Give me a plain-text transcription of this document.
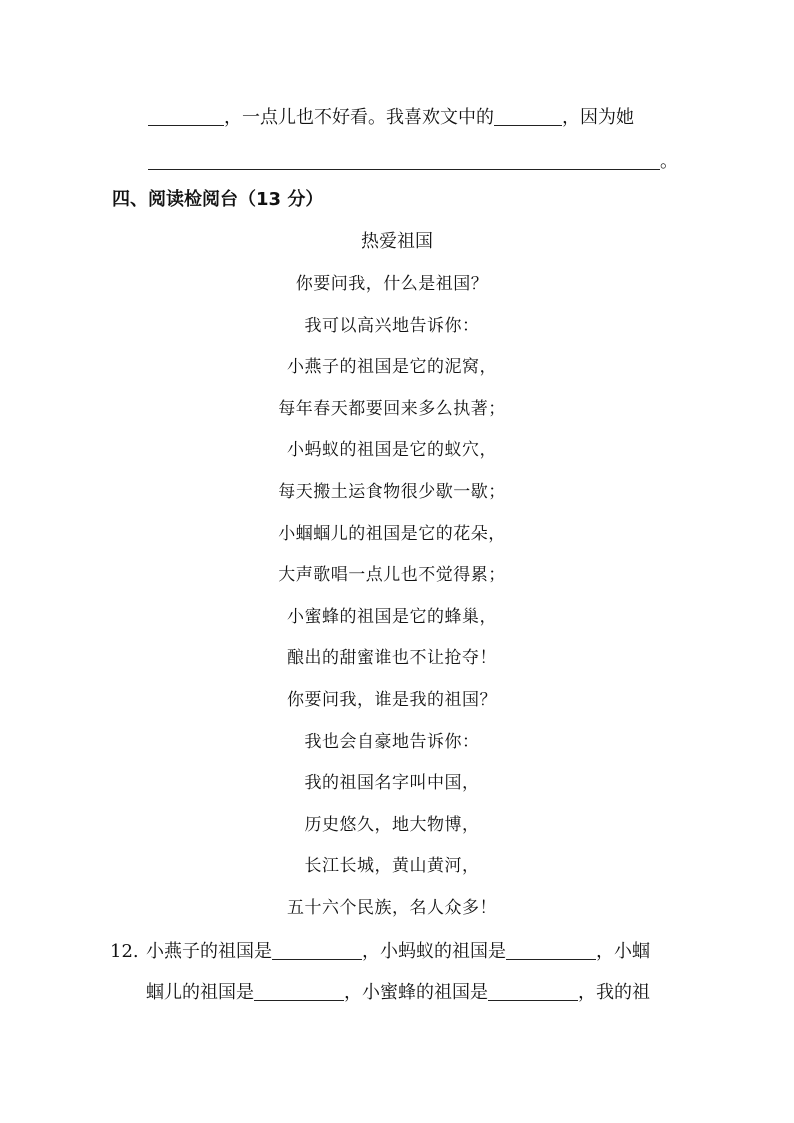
，一点儿也不好看。我喜欢文中的	，因为她
。
四、阅读检阅台（13 分）
热爱祖国
你要问我，什么是祖国？
我可以高兴地告诉你：
小燕子的祖国是它的泥窝，
每年春天都要回来多么执著；
小蚂蚁的祖国是它的蚁穴，
每天搬土运食物很少歇一歇；
小蝈蝈儿的祖国是它的花朵，
大声歌唱一点儿也不觉得累；
小蜜蜂的祖国是它的蜂巢，
酿出的甜蜜谁也不让抢夺！
你要问我，谁是我的祖国？
我也会自豪地告诉你：
我的祖国名字叫中国，
历史悠久，地大物博，
长江长城，黄山黄河，
五十六个民族，名人众多！
12. 小燕子的祖国是	，小蚂蚁的祖国是	，小蝈
蝈儿的祖国是	，小蜜蜂的祖国是	，我的祖
